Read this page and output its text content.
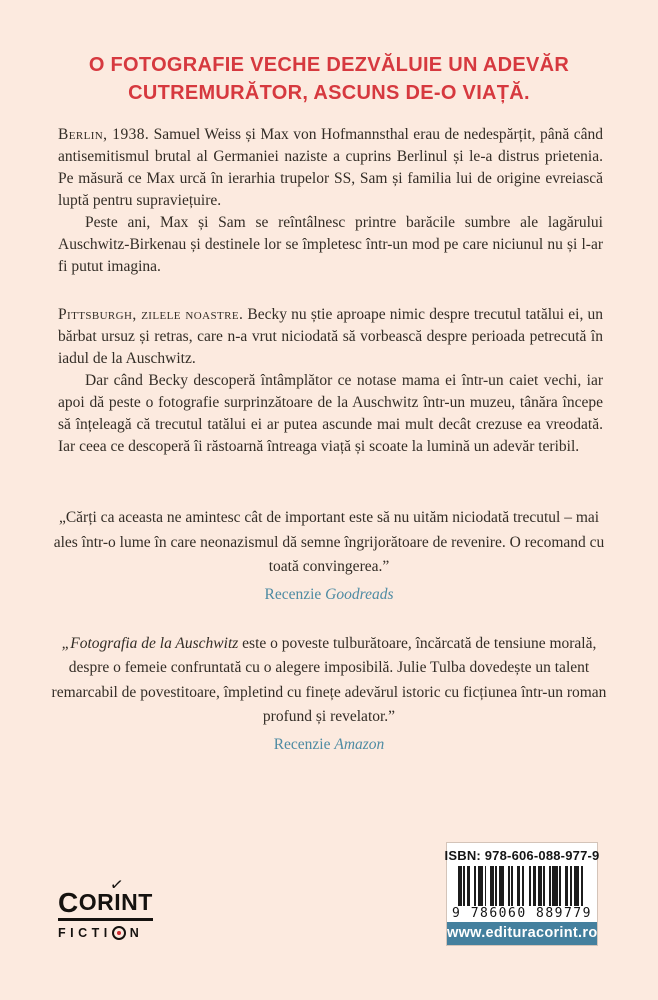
O FOTOGRAFIE VECHE DEZVĂLUIE UN ADEVĂR CUTREMURĂTOR, ASCUNS DE-O VIAȚĂ.

Berlin, 1938. Samuel Weiss și Max von Hofmannsthal erau de nedespărțit, până când antisemitismul brutal al Germaniei naziste a cuprins Berlinul și le-a distrus prietenia. Pe măsură ce Max urcă în ierarhia trupelor SS, Sam și familia lui de origine evreiască luptă pentru supraviețuire.

Peste ani, Max și Sam se reîntâlnesc printre barăcile sumbre ale lagărului Auschwitz-Birkenau și destinele lor se împletesc într-un mod pe care niciunul nu și l-ar fi putut imagina.

Pittsburgh, zilele noastre. Becky nu știe aproape nimic despre trecutul tatălui ei, un bărbat ursuz și retras, care n-a vrut niciodată să vorbească despre perioada petrecută în iadul de la Auschwitz.

Dar când Becky descoperă întâmplător ce notase mama ei într-un caiet vechi, iar apoi dă peste o fotografie surprinzătoare de la Auschwitz într-un muzeu, tânăra începe să înțeleagă că trecutul tatălui ei ar putea ascunde mai mult decât crezuse ea vreodată. Iar ceea ce descoperă îi răstoarnă întreaga viață și scoate la lumină un adevăr teribil.

„Cărți ca aceasta ne amintesc cât de important este să nu uităm niciodată trecutul – mai ales într-o lume în care neonazismul dă semne îngrijorătoare de revenire. O recomand cu toată convingerea.”

Recenzie Goodreads

„Fotografia de la Auschwitz este o poveste tulburătoare, încărcată de tensiune morală, despre o femeie confruntată cu o alegere imposibilă. Julie Tulba dovedește un talent remarcabil de povestitoare, împletind cu finețe adevărul istoric cu ficțiunea într-un roman profund și revelator.”

Recenzie Amazon

COR
✓
INT
FICTI N
ISBN: 978-606-088-977-9
9 786060 889779
www.edituracorint.ro
